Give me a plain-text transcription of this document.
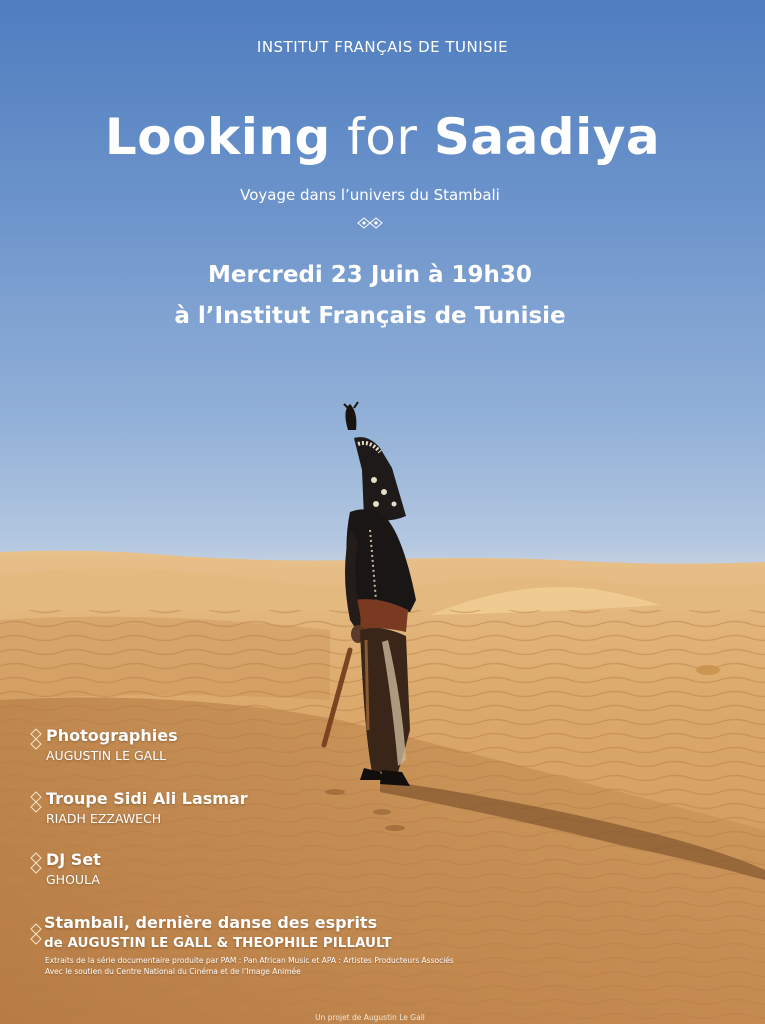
INSTITUT FRANÇAIS DE TUNISIE
Looking for Saadiya
Voyage dans l’univers du Stambali
Mercredi 23 Juin à 19h30
à l’Institut Français de Tunisie
Photographies
AUGUSTIN LE GALL
Troupe Sidi Ali Lasmar
RIADH EZZAWECH
DJ Set
GHOULA
Stambali, dernière danse des esprits
de AUGUSTIN LE GALL & THEOPHILE PILLAULT
Extraits de la série documentaire produite par PAM : Pan African Music et APA : Artistes Producteurs Associés
Avec le soutien du Centre National du Cinéma et de l’Image Animée
Un projet de Augustin Le Gall
